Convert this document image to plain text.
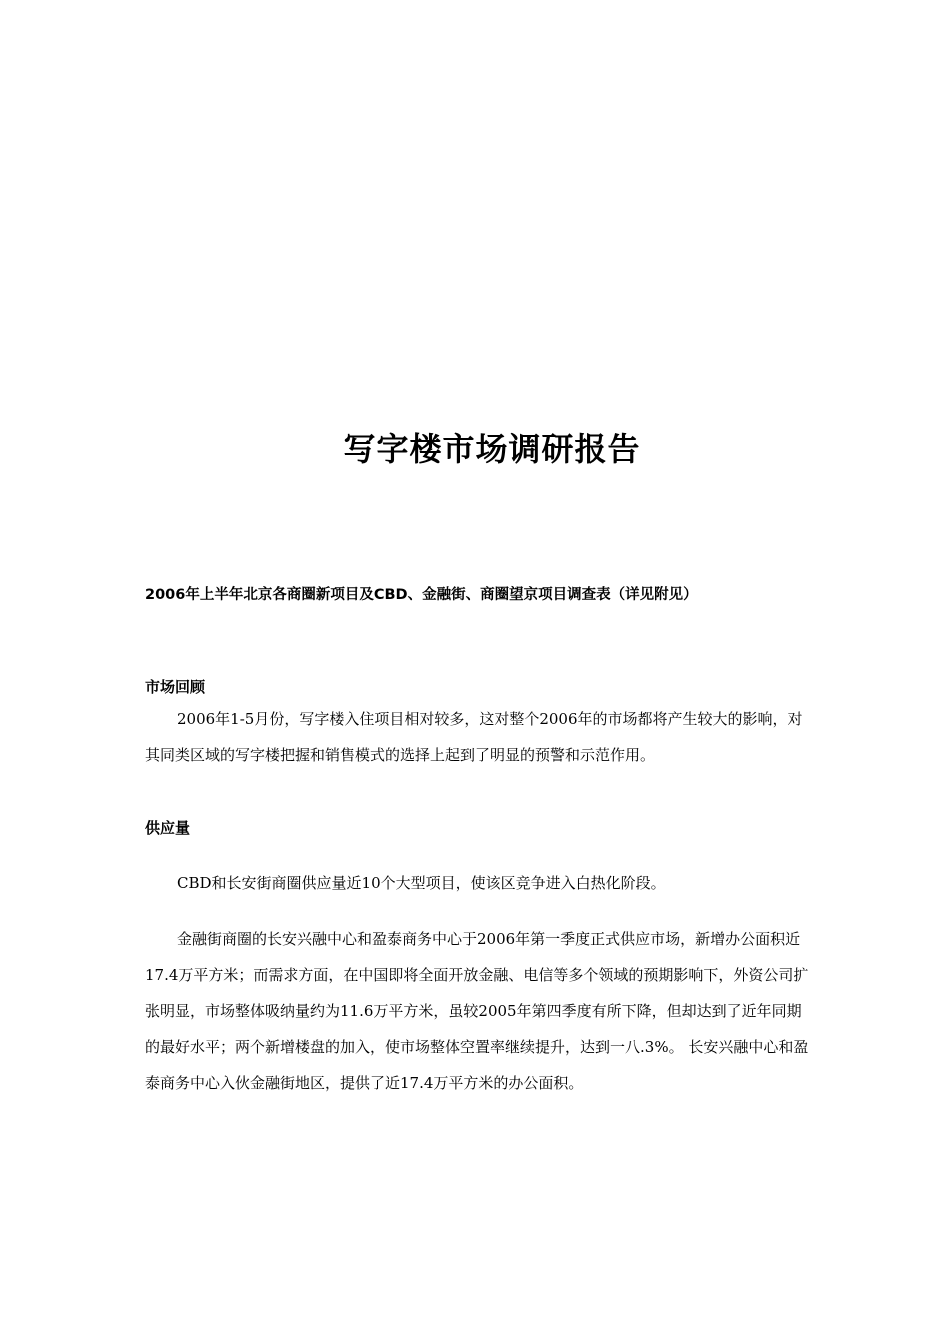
写字楼市场调研报告

2006年上半年北京各商圈新项目及CBD、金融街、商圈望京项目调查表（详见附见）

市场回顾

2006年1-5月份，写字楼入住项目相对较多，这对整个2006年的市场都将产生较大的影响，对其同类区域的写字楼把握和销售模式的选择上起到了明显的预警和示范作用。

供应量

CBD和长安街商圈供应量近10个大型项目，使该区竞争进入白热化阶段。

金融街商圈的长安兴融中心和盈泰商务中心于2006年第一季度正式供应市场，新增办公面积近17.4万平方米；而需求方面，在中国即将全面开放金融、电信等多个领域的预期影响下，外资公司扩张明显，市场整体吸纳量约为11.6万平方米，虽较2005年第四季度有所下降，但却达到了近年同期的最好水平；两个新增楼盘的加入，使市场整体空置率继续提升，达到一八.3%。 长安兴融中心和盈泰商务中心入伙金融街地区，提供了近17.4万平方米的办公面积。
